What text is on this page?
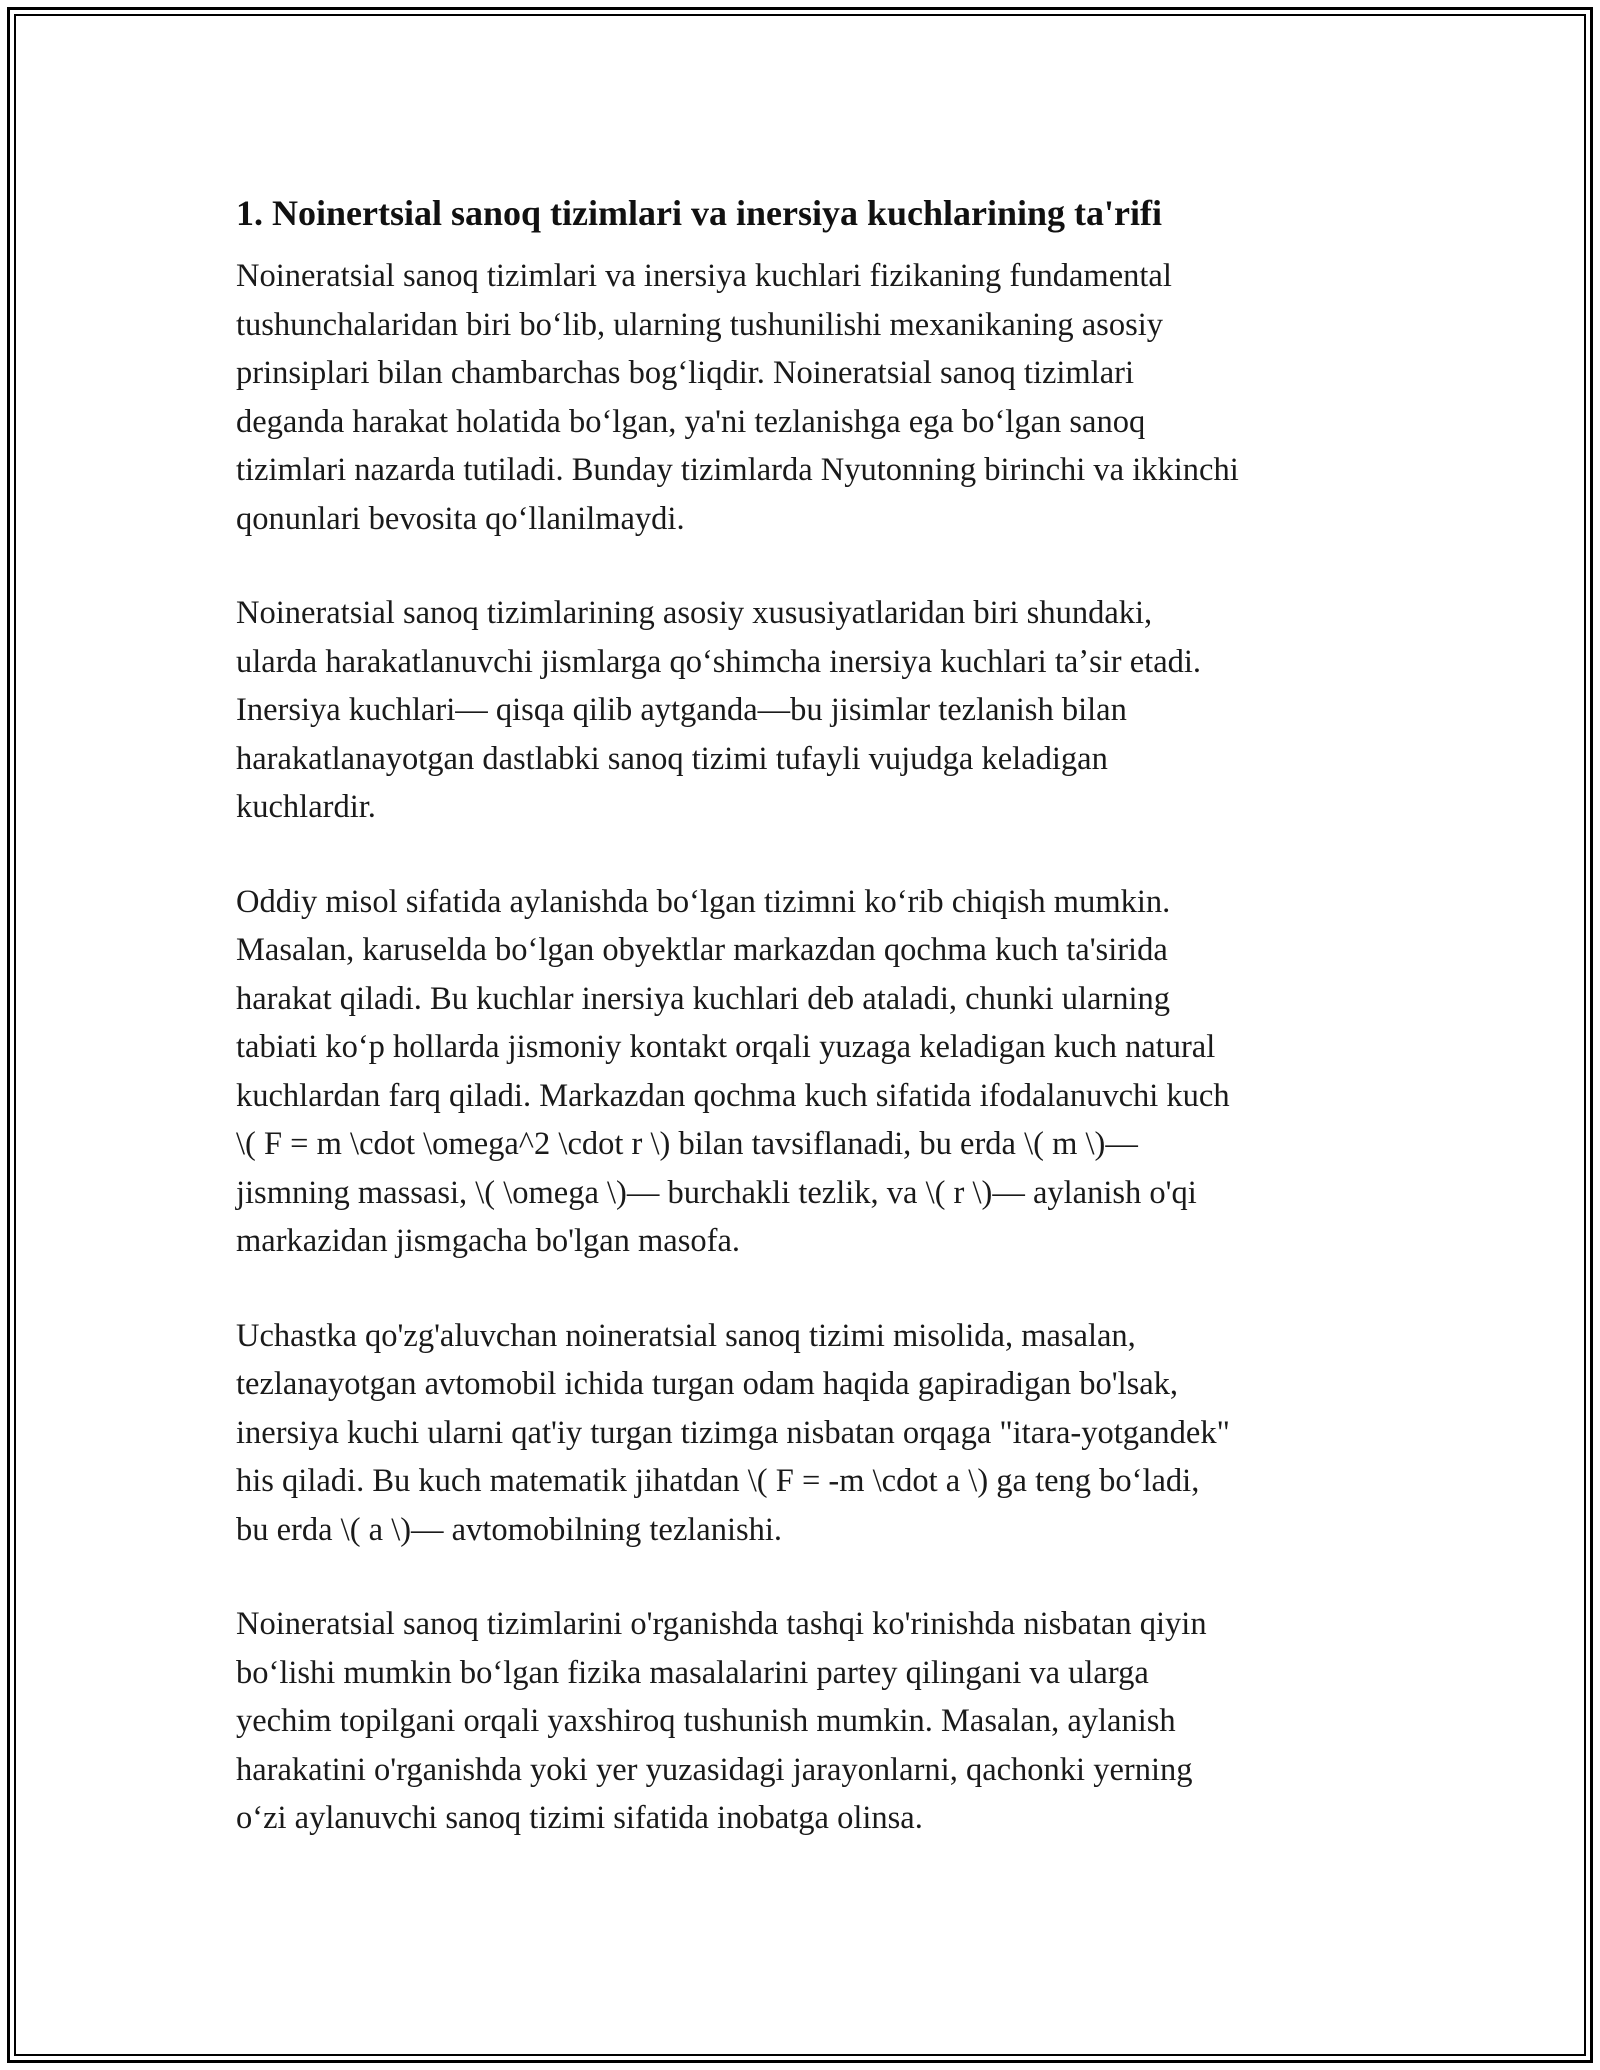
1. Noinertsial sanoq tizimlari va inersiya kuchlarining ta'rifi

Noineratsial sanoq tizimlari va inersiya kuchlari fizikaning fundamental
tushunchalaridan biri boʻlib, ularning tushunilishi mexanikaning asosiy
prinsiplari bilan chambarchas bogʻliqdir. Noineratsial sanoq tizimlari
deganda harakat holatida boʻlgan, ya'ni tezlanishga ega boʻlgan sanoq
tizimlari nazarda tutiladi. Bunday tizimlarda Nyutonning birinchi va ikkinchi
qonunlari bevosita qoʻllanilmaydi.

Noineratsial sanoq tizimlarining asosiy xususiyatlaridan biri shundaki,
ularda harakatlanuvchi jismlarga qoʻshimcha inersiya kuchlari taʼsir etadi.
Inersiya kuchlari— qisqa qilib aytganda—bu jisimlar tezlanish bilan
harakatlanayotgan dastlabki sanoq tizimi tufayli vujudga keladigan
kuchlardir.

Oddiy misol sifatida aylanishda boʻlgan tizimni koʻrib chiqish mumkin.
Masalan, karuselda boʻlgan obyektlar markazdan qochma kuch ta'sirida
harakat qiladi. Bu kuchlar inersiya kuchlari deb ataladi, chunki ularning
tabiati koʻp hollarda jismoniy kontakt orqali yuzaga keladigan kuch natural
kuchlardan farq qiladi. Markazdan qochma kuch sifatida ifodalanuvchi kuch
\( F = m \cdot \omega^2 \cdot r \) bilan tavsiflanadi, bu erda \( m \)—
jismning massasi, \( \omega \)— burchakli tezlik, va \( r \)— aylanish o'qi
markazidan jismgacha bo'lgan masofa.

Uchastka qo'zg'aluvchan noineratsial sanoq tizimi misolida, masalan,
tezlanayotgan avtomobil ichida turgan odam haqida gapiradigan bo'lsak,
inersiya kuchi ularni qat'iy turgan tizimga nisbatan orqaga "itara-yotgandek"
his qiladi. Bu kuch matematik jihatdan \( F = -m \cdot a \) ga teng boʻladi,
bu erda \( a \)— avtomobilning tezlanishi.

Noineratsial sanoq tizimlarini o'rganishda tashqi ko'rinishda nisbatan qiyin
boʻlishi mumkin boʻlgan fizika masalalarini partey qilingani va ularga
yechim topilgani orqali yaxshiroq tushunish mumkin. Masalan, aylanish
harakatini o'rganishda yoki yer yuzasidagi jarayonlarni, qachonki yerning
oʻzi aylanuvchi sanoq tizimi sifatida inobatga olinsa.
